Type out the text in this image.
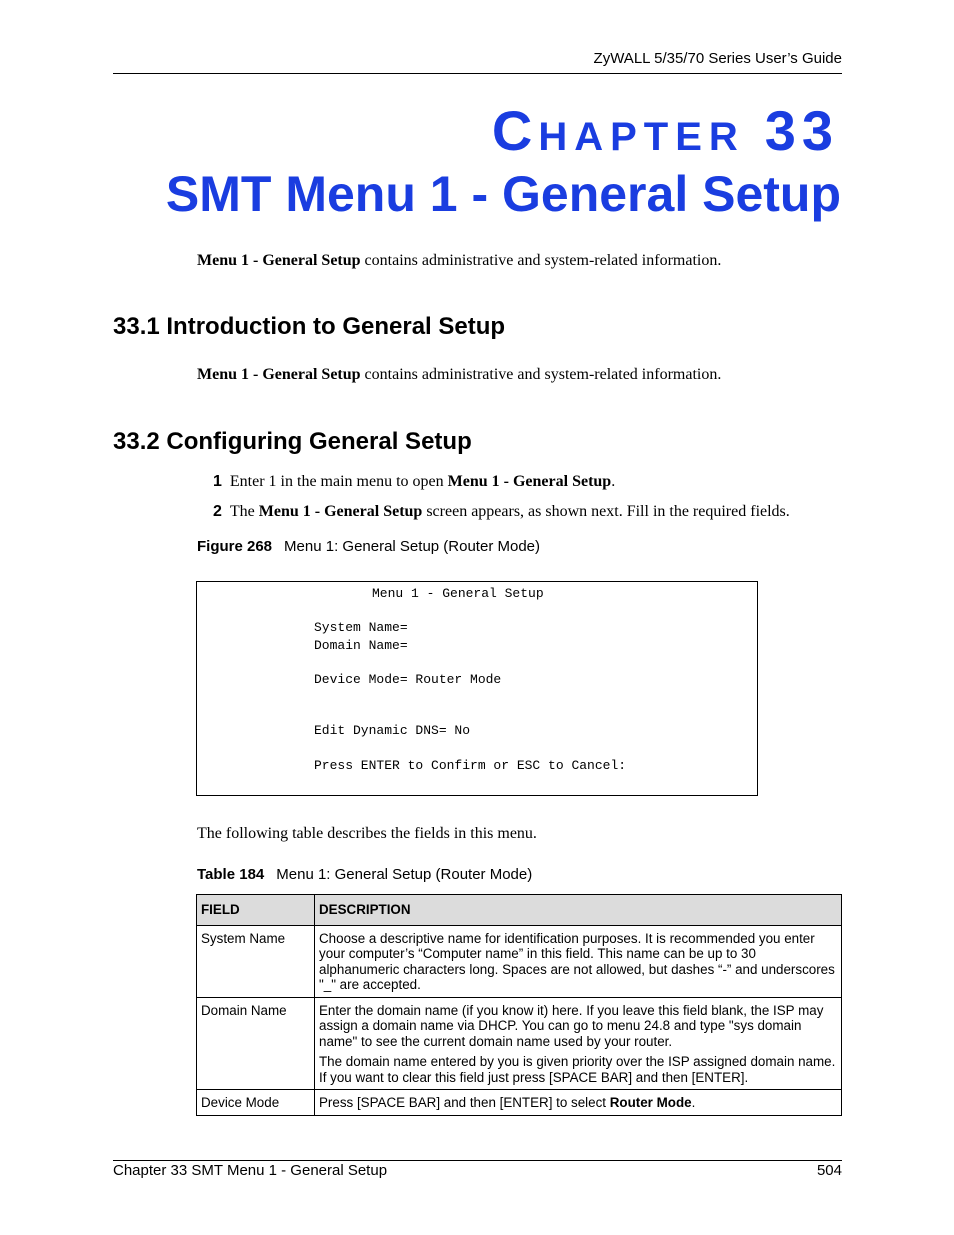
ZyWALL 5/35/70 Series User’s Guide
CHAPTER 33
SMT Menu 1 - General Setup
Menu 1 - General Setup contains administrative and system-related information.
33.1 Introduction to General Setup
Menu 1 - General Setup contains administrative and system-related information.
33.2 Configuring General Setup
1 Enter 1 in the main menu to open Menu 1 - General Setup.
2 The Menu 1 - General Setup screen appears, as shown next. Fill in the required fields.
Figure 268 Menu 1: General Setup (Router Mode)
Menu 1 - General Setup
System Name=
Domain Name=
Device Mode= Router Mode
Edit Dynamic DNS= No
Press ENTER to Confirm or ESC to Cancel:
The following table describes the fields in this menu.
Table 184 Menu 1: General Setup (Router Mode)
FIELD	DESCRIPTION
System Name	Choose a descriptive name for identification purposes. It is recommended you enter your computer’s “Computer name” in this field. This name can be up to 30 alphanumeric characters long. Spaces are not allowed, but dashes “-” and underscores "_" are accepted.

Domain Name	Enter the domain name (if you know it) here. If you leave this field blank, the ISP may assign a domain name via DHCP. You can go to menu 24.8 and type "sys domain name" to see the current domain name used by your router.

The domain name entered by you is given priority over the ISP assigned domain name. If you want to clear this field just press [SPACE BAR] and then [ENTER].

Device Mode	Press [SPACE BAR] and then [ENTER] to select Router Mode.
Chapter 33 SMT Menu 1 - General Setup	504
